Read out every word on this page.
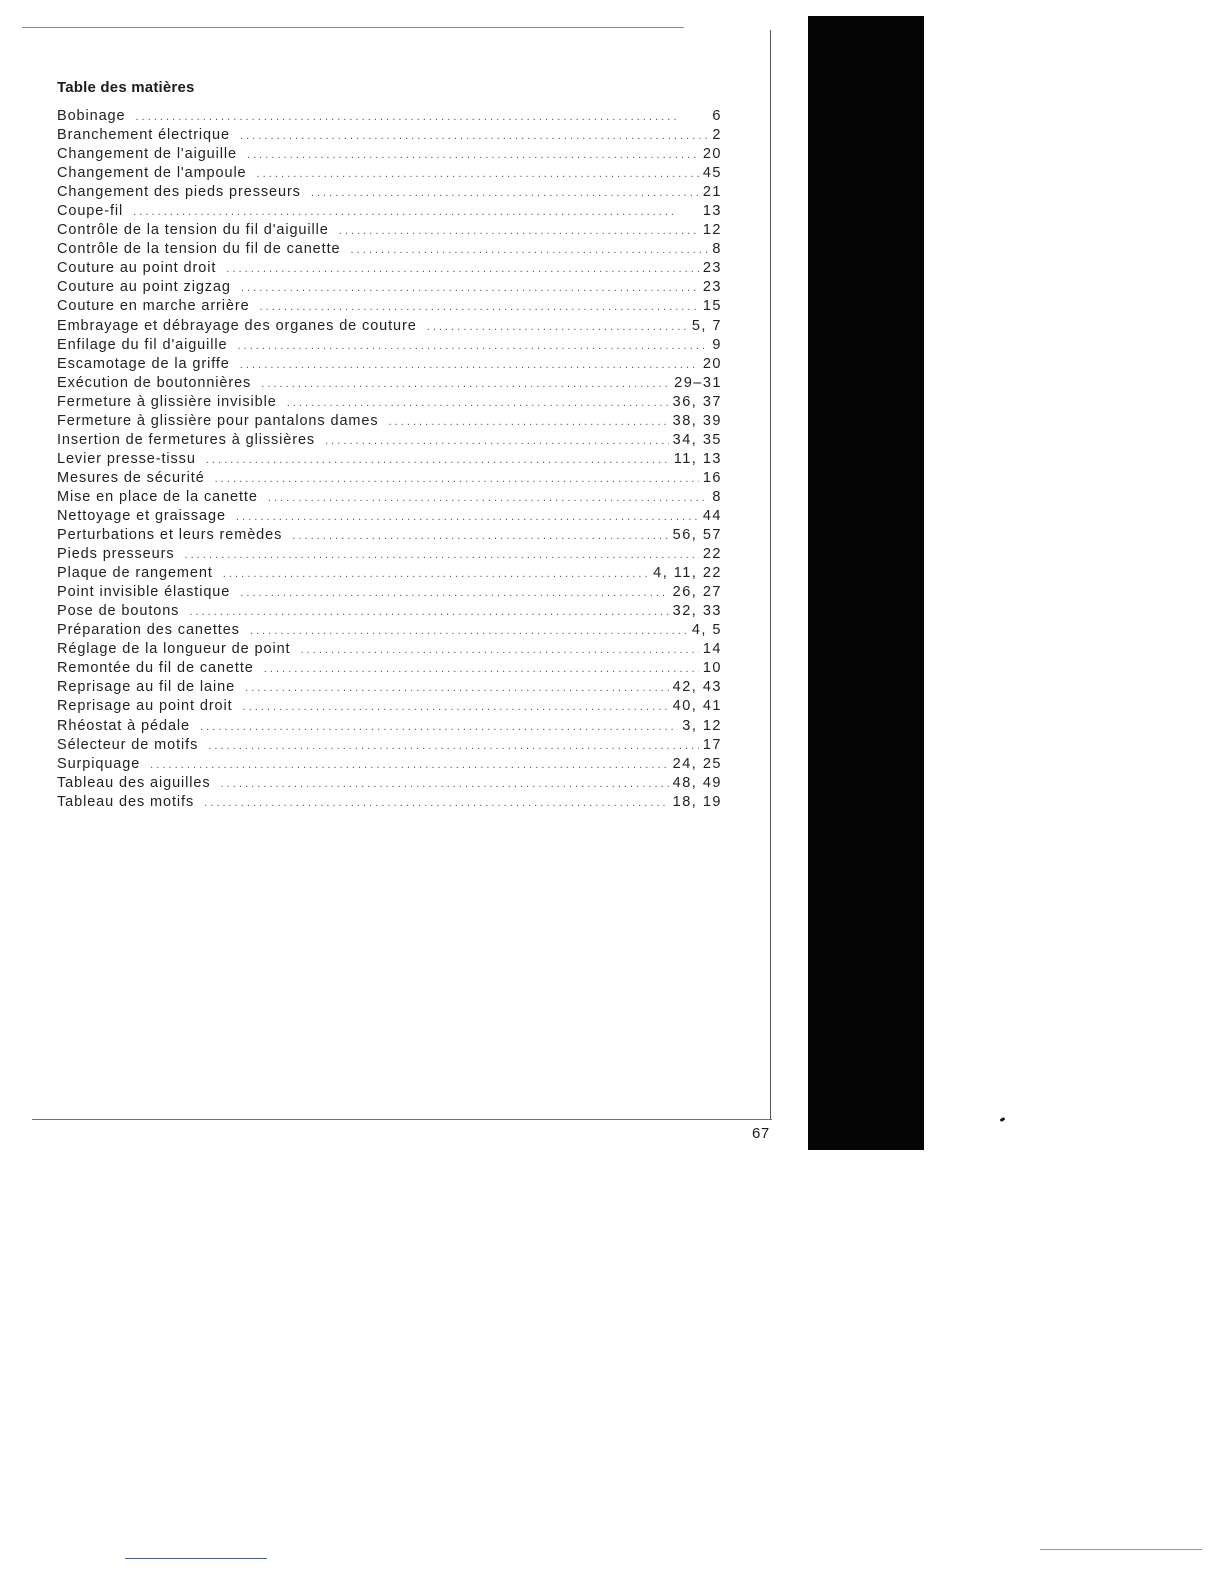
Table des matières
Bobinage . . .	6
Branchement électrique . . .	2
Changement de l'aiguille . . .	20
Changement de l'ampoule . . .	45
Changement des pieds presseurs . . .	21
Coupe-fil . . .	13
Contrôle de la tension du fil d'aiguille . . .	12
Contrôle de la tension du fil de canette . . .	8
Couture au point droit . . .	23
Couture au point zigzag . . .	23
Couture en marche arrière . . .	15
Embrayage et débrayage des organes de couture . . .	5, 7
Enfilage du fil d'aiguille . . .	9
Escamotage de la griffe . . .	20
Exécution de boutonnières . . .	29–31
Fermeture à glissière invisible . . .	36, 37
Fermeture à glissière pour pantalons dames . . .	38, 39
Insertion de fermetures à glissières . . .	34, 35
Levier presse-tissu . . .	11, 13
Mesures de sécurité . . .	16
Mise en place de la canette . . .	8
Nettoyage et graissage . . .	44
Perturbations et leurs remèdes . . .	56, 57
Pieds presseurs . . .	22
Plaque de rangement . . .	4, 11, 22
Point invisible élastique . . .	26, 27
Pose de boutons . . .	32, 33
Préparation des canettes . . .	4, 5
Réglage de la longueur de point . . .	14
Remontée du fil de canette . . .	10
Reprisage au fil de laine . . .	42, 43
Reprisage au point droit . . .	40, 41
Rhéostat à pédale . . .	3, 12
Sélecteur de motifs . . .	17
Surpiquage . . .	24, 25
Tableau des aiguilles . . .	48, 49
Tableau des motifs . . .	18, 19
67
